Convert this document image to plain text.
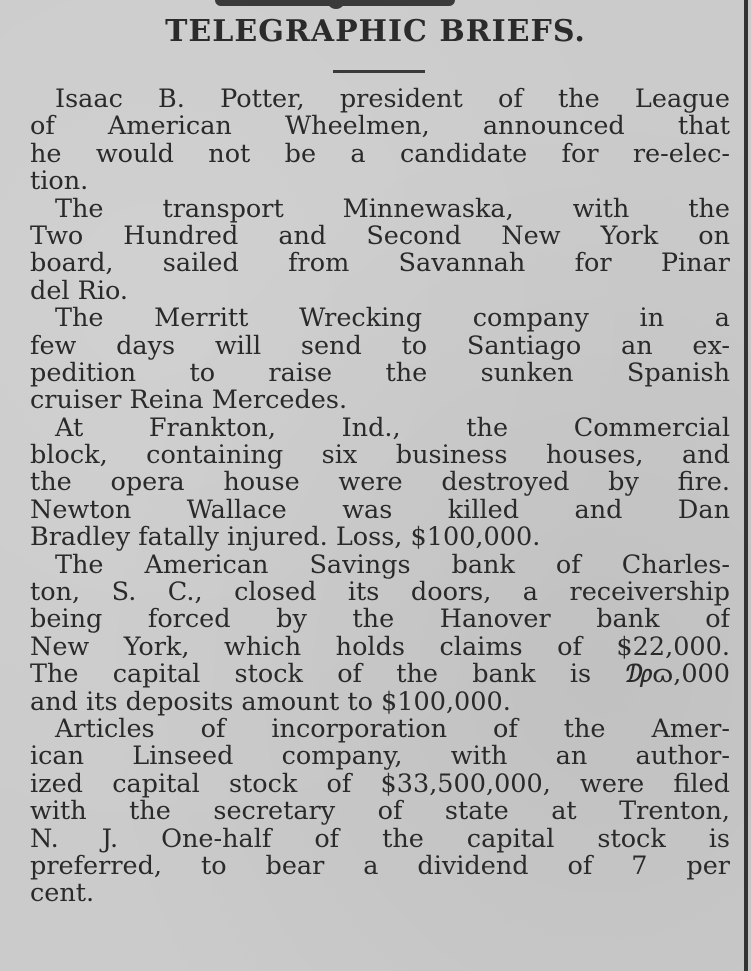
TELEGRAPHIC BRIEFS.
Isaac B. Potter, president of the League
of American Wheelmen, announced that
he would not be a candidate for re-elec-
tion.
The transport Minnewaska, with the
Two Hundred and Second New York on
board, sailed from Savannah for Pinar
del Rio.
The Merritt Wrecking company in a
few days will send to Santiago an ex-
pedition to raise the sunken Spanish
cruiser Reina Mercedes.
At Frankton, Ind., the Commercial
block, containing six business houses, and
the opera house were destroyed by fire.
Newton Wallace was killed and Dan
Bradley fatally injured. Loss, $100,000.
The American Savings bank of Charles-
ton, S. C., closed its doors, a receivership
being forced by the Hanover bank of
New York, which holds claims of $22,000.
The capital stock of the bank is ₯ɷ,000
and its deposits amount to $100,000.
Articles of incorporation of the Amer-
ican Linseed company, with an author-
ized capital stock of $33,500,000, were filed
with the secretary of state at Trenton,
N. J. One-half of the capital stock is
preferred, to bear a dividend of 7 per
cent.
